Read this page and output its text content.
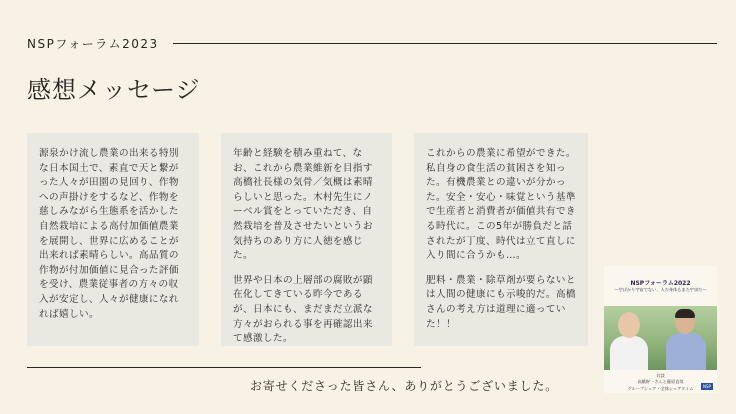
NSPフォーラム2023
感想メッセージ

源泉かけ流し農業の出来る特別な日本国土で、素直で天と繋がった人々が田園の見回り、作物への声掛けをするなど、作物を慈しみながら生態系を活かした自然栽培による高付加価値農業を展開し、世界に広めることが出来れば素晴らしい。高品質の作物が付加価値に見合った評価を受け、農業従事者の方々の収入が安定し、人々が健康になれれば嬉しい。

年齢と経験を積み重ねて、なお、これから農業維新を目指す高橋社長様の気骨／気概は素晴らしいと思った。木村先生にノーベル賞をとっていただき、自然栽培を普及させたいというお気持ちのあり方に人徳を感じた。

世界や日本の上層部の腐敗が顕在化してきている昨今であるが、日本にも、まだまだ立派な方々がおられる事を再確認出来て感激した。

これからの農業に希望ができた。私自身の食生活の貧困さを知った。有機農業との違いが分かった。安全・安心・味覚という基準で生産者と消費者が価値共有できる時代に。この5年が勝負だと話されたが丁度、時代は立て直しに入り間に合うかも…。

肥料・農業・除草剤が要らないとは人間の健康にも示唆的だ。高橋さんの考え方は道理に適っていた！！

お寄せくださった皆さん、ありがとうございました。
NSPフォーラム2022
〜空ばかり宇宙でない、人の身体もまた宇宙だ〜
対談
高橋幹一さんと藤原直哉
グループシェア・全体シェアタイム	NSP
